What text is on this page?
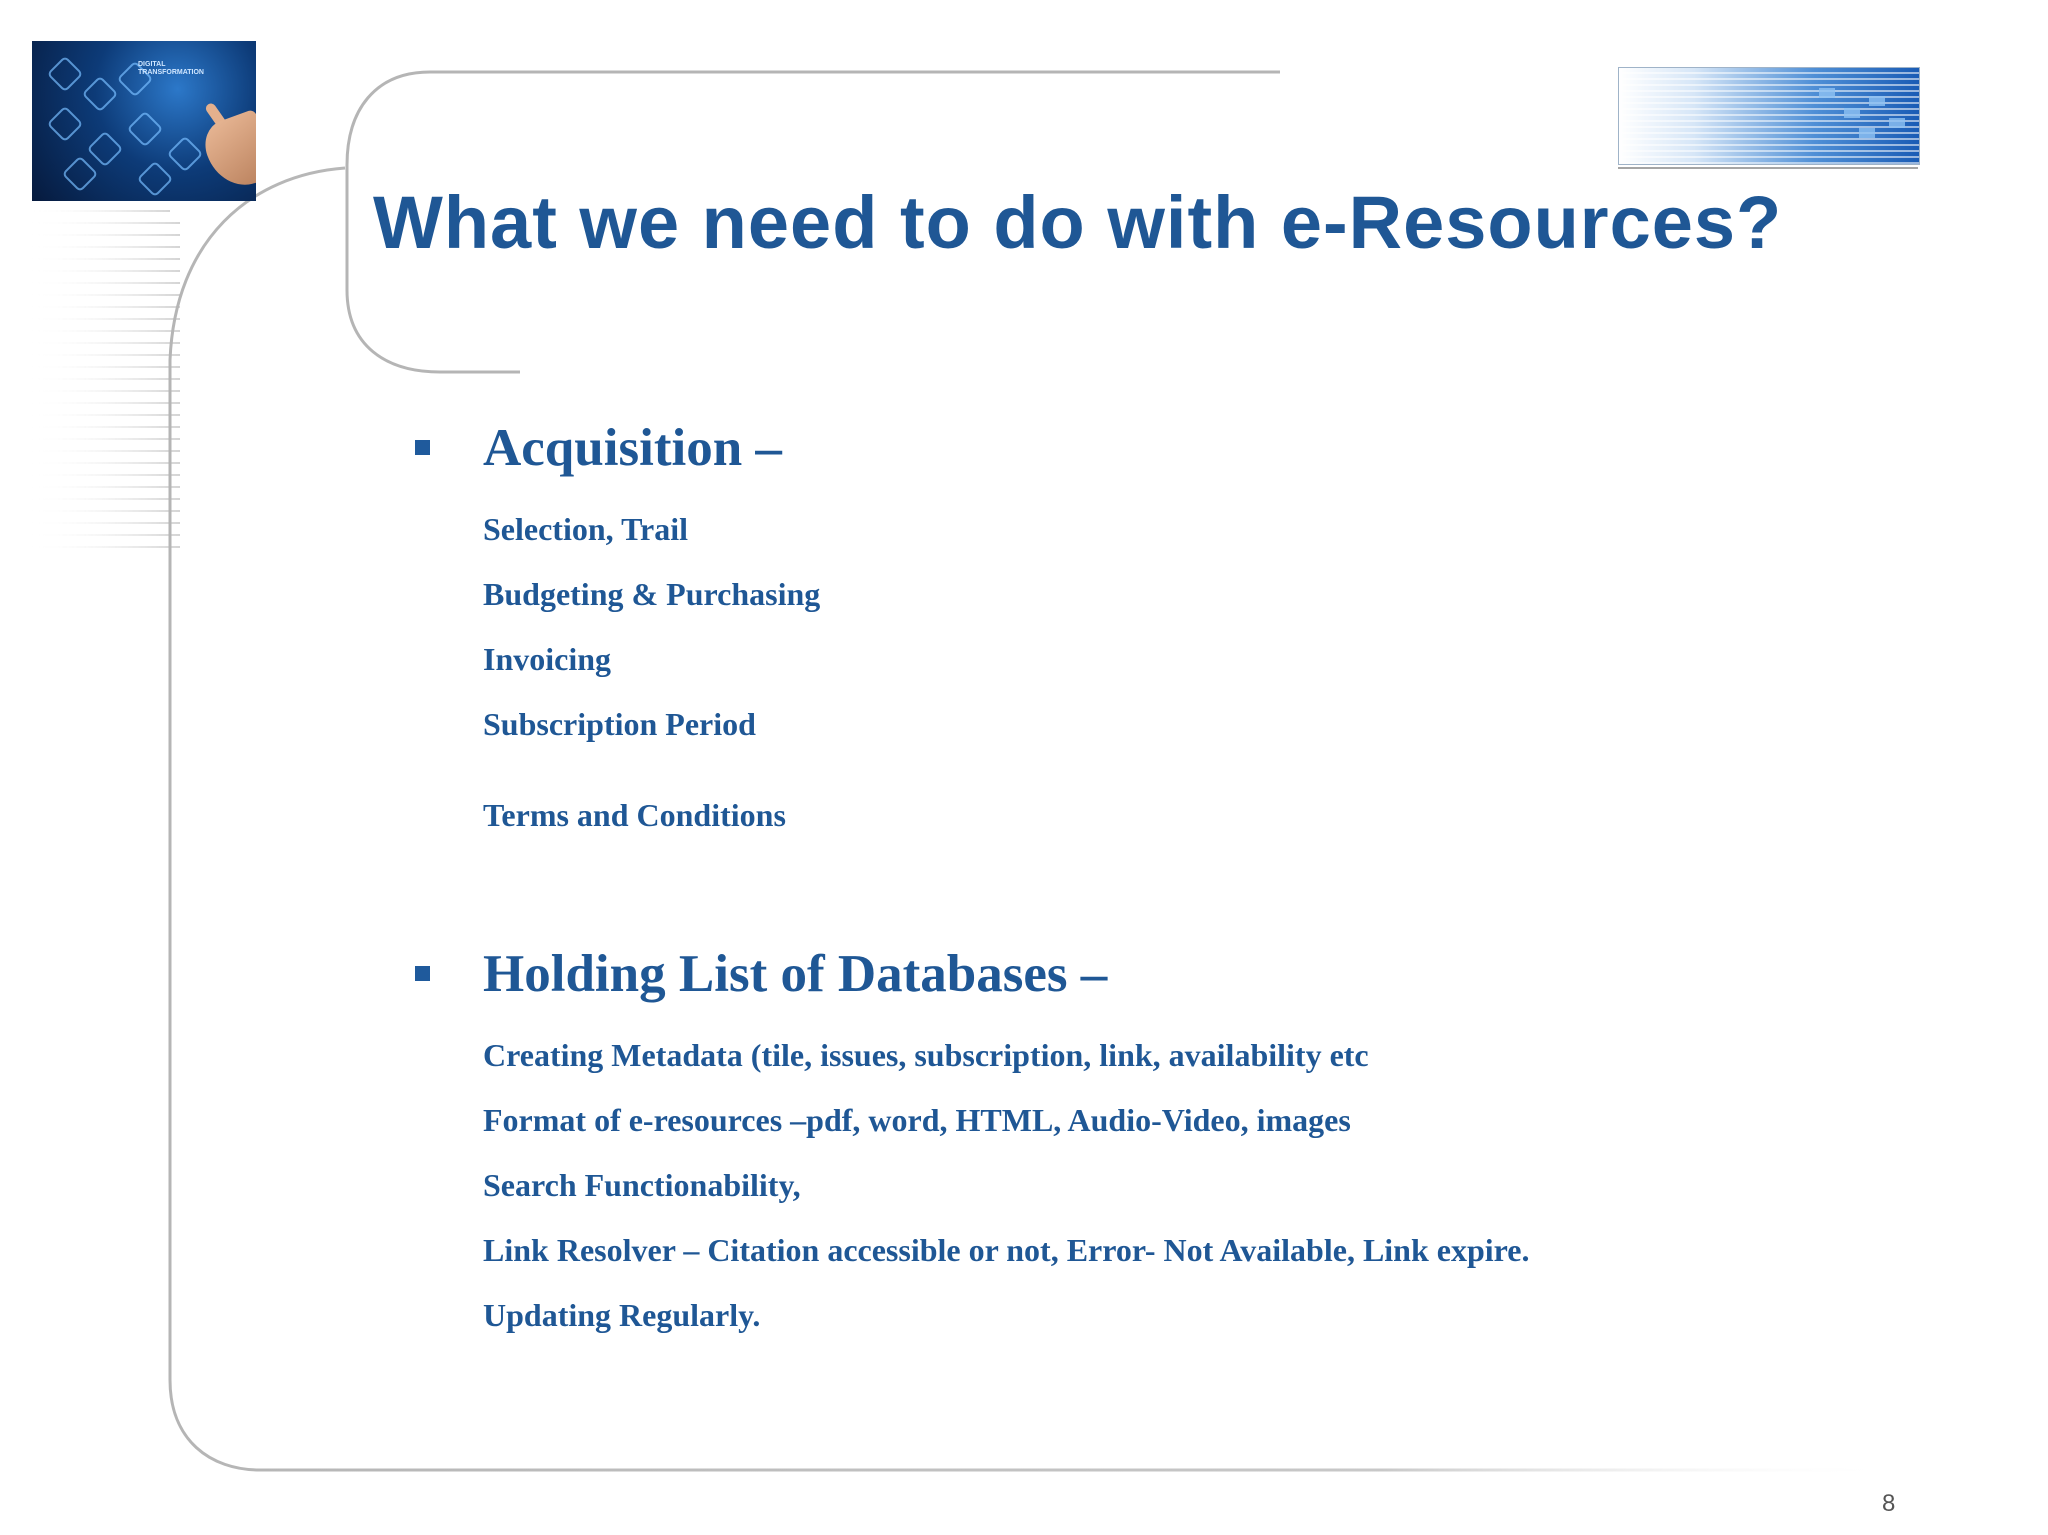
DIGITAL
TRANSFORMATION
What we need to do with e-Resources?
Acquisition –

Selection, Trail

Budgeting & Purchasing

Invoicing

Subscription Period

Terms and Conditions

Holding List of Databases –

Creating Metadata (tile, issues, subscription, link, availability etc

Format of e-resources –pdf, word, HTML, Audio-Video, images

Search Functionability,

Link Resolver – Citation accessible or not, Error- Not Available, Link expire.

Updating Regularly.

8
